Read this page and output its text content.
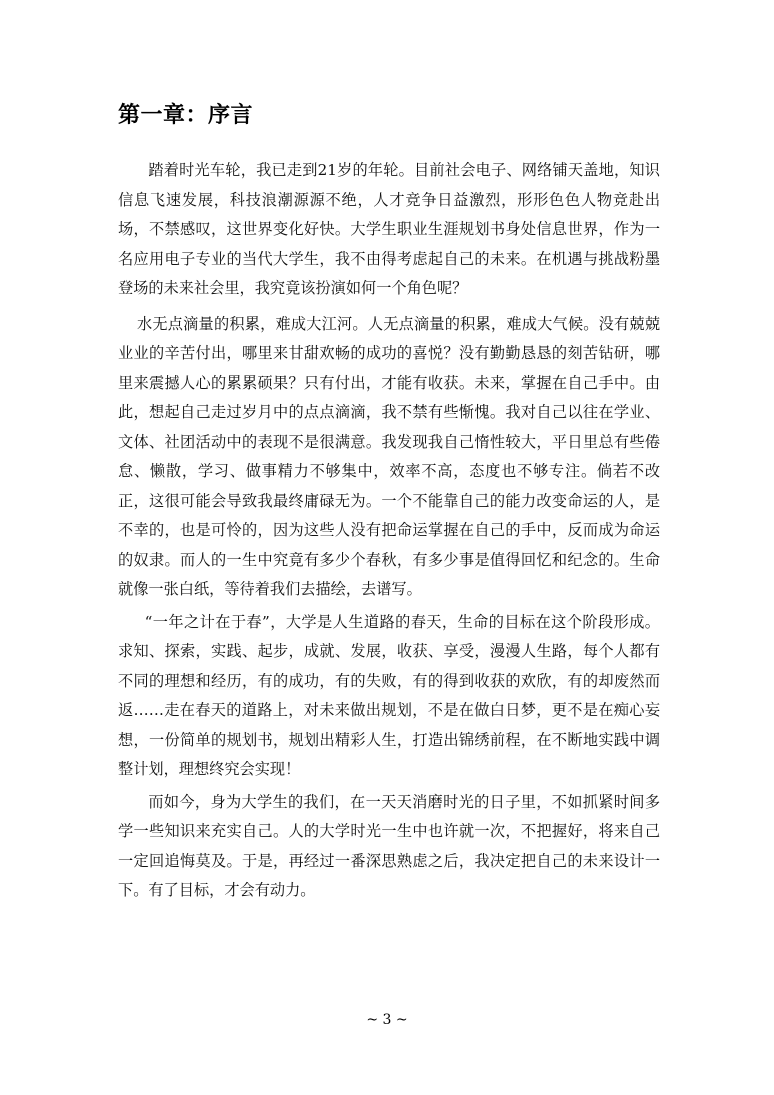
第一章：序言

踏着时光车轮，我已走到21岁的年轮。目前社会电子、网络铺天盖地，知识信息飞速发展，科技浪潮源源不绝，人才竞争日益激烈，形形色色人物竞赴出场，不禁感叹，这世界变化好快。大学生职业生涯规划书身处信息世界，作为一名应用电子专业的当代大学生，我不由得考虑起自己的未来。在机遇与挑战粉墨登场的未来社会里，我究竟该扮演如何一个角色呢？

水无点滴量的积累，难成大江河。人无点滴量的积累，难成大气候。没有兢兢业业的辛苦付出，哪里来甘甜欢畅的成功的喜悦？没有勤勤恳恳的刻苦钻研，哪里来震撼人心的累累硕果？只有付出，才能有收获。未来，掌握在自己手中。由此，想起自己走过岁月中的点点滴滴，我不禁有些惭愧。我对自己以往在学业、文体、社团活动中的表现不是很满意。我发现我自己惰性较大，平日里总有些倦怠、懒散，学习、做事精力不够集中，效率不高，态度也不够专注。倘若不改正，这很可能会导致我最终庸碌无为。一个不能靠自己的能力改变命运的人，是不幸的，也是可怜的，因为这些人没有把命运掌握在自己的手中，反而成为命运的奴隶。而人的一生中究竟有多少个春秋，有多少事是值得回忆和纪念的。生命就像一张白纸，等待着我们去描绘，去谱写。

“一年之计在于春”，大学是人生道路的春天，生命的目标在这个阶段形成。求知、探索，实践、起步，成就、发展，收获、享受，漫漫人生路，每个人都有不同的理想和经历，有的成功，有的失败，有的得到收获的欢欣，有的却废然而返……走在春天的道路上，对未来做出规划，不是在做白日梦，更不是在痴心妄想，一份简单的规划书，规划出精彩人生，打造出锦绣前程，在不断地实践中调整计划，理想终究会实现！

而如今，身为大学生的我们，在一天天消磨时光的日子里，不如抓紧时间多学一些知识来充实自己。人的大学时光一生中也许就一次，不把握好，将来自己一定回追悔莫及。于是，再经过一番深思熟虑之后，我决定把自己的未来设计一下。有了目标，才会有动力。

~ 3 ~
